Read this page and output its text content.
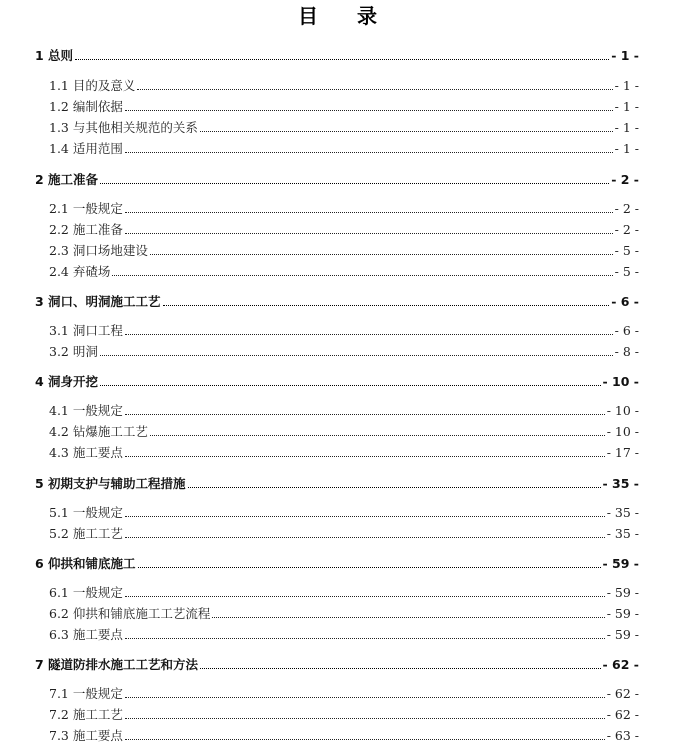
目 录
1 总则	- 1 -
1.1 目的及意义	- 1 -
1.2 编制依据	- 1 -
1.3 与其他相关规范的关系	- 1 -
1.4 适用范围	- 1 -
2 施工准备	- 2 -
2.1 一般规定	- 2 -
2.2 施工准备	- 2 -
2.3 洞口场地建设	- 5 -
2.4 弃碴场	- 5 -
3 洞口、明洞施工工艺	- 6 -
3.1 洞口工程	- 6 -
3.2 明洞	- 8 -
4 洞身开挖	- 10 -
4.1 一般规定	- 10 -
4.2 钻爆施工工艺	- 10 -
4.3 施工要点	- 17 -
5 初期支护与辅助工程措施	- 35 -
5.1 一般规定	- 35 -
5.2 施工工艺	- 35 -
6 仰拱和铺底施工	- 59 -
6.1 一般规定	- 59 -
6.2 仰拱和铺底施工工艺流程	- 59 -
6.3 施工要点	- 59 -
7 隧道防排水施工工艺和方法	- 62 -
7.1 一般规定	- 62 -
7.2 施工工艺	- 62 -
7.3 施工要点	- 63 -
